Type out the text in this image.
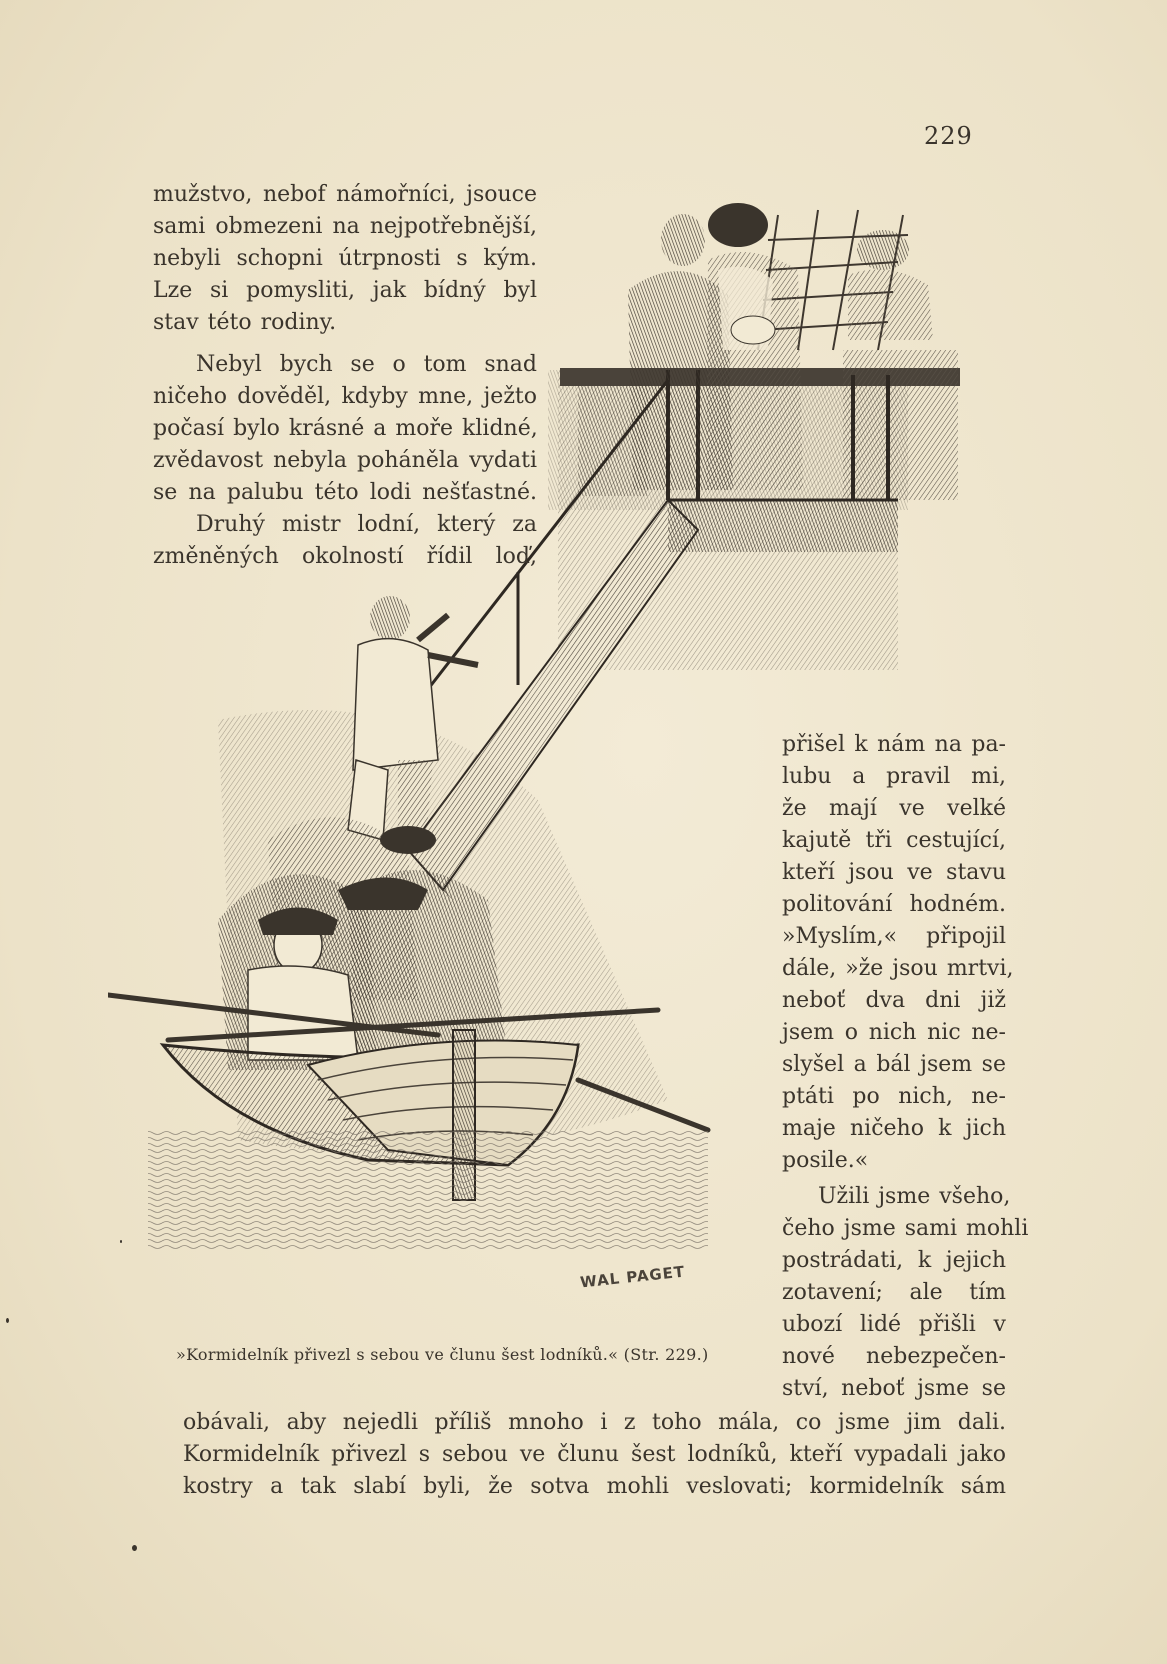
229
WAL PAGET
mužstvo, nebof námořníci, jsouce
sami obmezeni na nejpotřebnější,
nebyli schopni útrpnosti s kým.
Lze si pomysliti, jak bídný byl
stav této rodiny.
Nebyl bych se o tom snad
ničeho dověděl, kdyby mne, ježto
počasí bylo krásné a moře klidné,
zvědavost nebyla poháněla vydati
se na palubu této lodi nešťastné.
Druhý mistr lodní, který za
změněných okolností řídil loď,
přišel k nám na pa-
lubu a pravil mi,
že mají ve velké
kajutě tři cestující,
kteří jsou ve stavu
politování hodném.
»Myslím,« připojil
dále, »že jsou mrtvi,
neboť dva dni již
jsem o nich nic ne-
slyšel a bál jsem se
ptáti po nich, ne-
maje ničeho k jich
posile.«
Užili jsme všeho,
čeho jsme sami mohli
postrádati, k jejich
zotavení; ale tím
ubozí lidé přišli v
nové nebezpečen-
ství, neboť jsme se
»Kormidelník přivezl s sebou ve člunu šest lodníků.« (Str. 229.)
obávali, aby nejedli příliš mnoho i z toho mála, co jsme jim dali.
Kormidelník přivezl s sebou ve člunu šest lodníků, kteří vypadali jako
kostry a tak slabí byli, že sotva mohli veslovati; kormidelník sám
